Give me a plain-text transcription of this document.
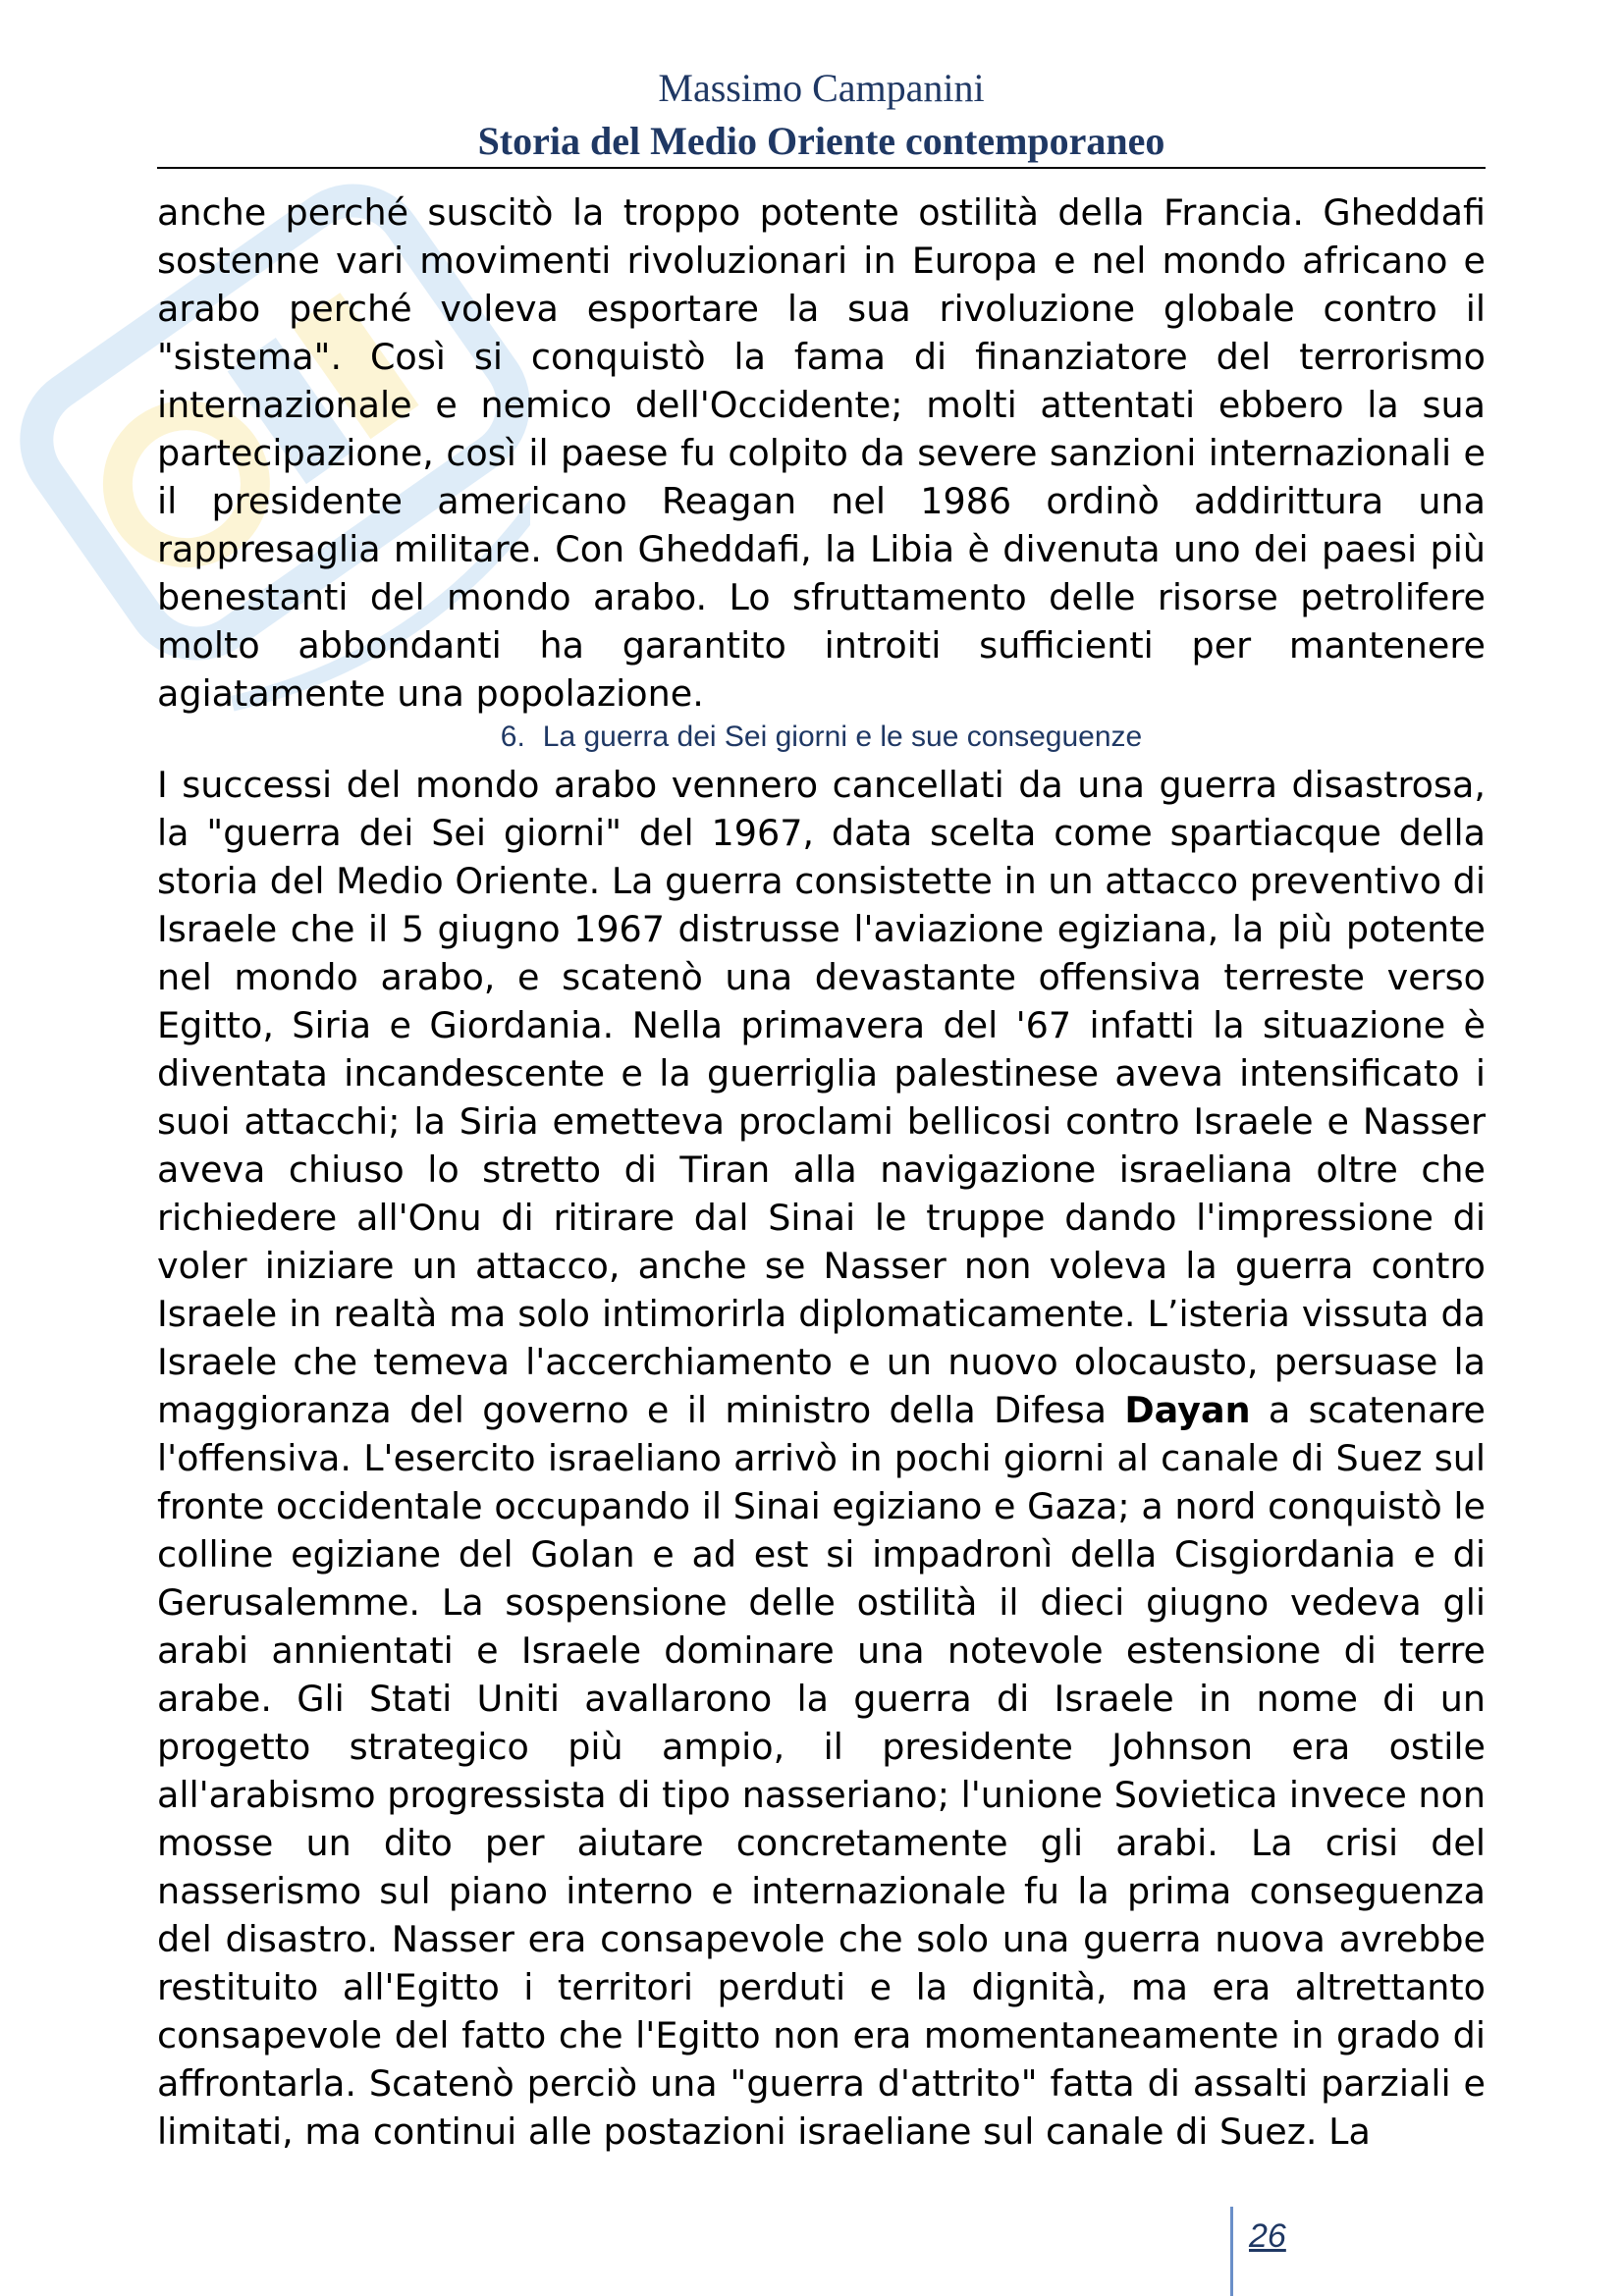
Massimo Campanini
Storia del Medio Oriente contemporaneo

anche perché suscitò la troppo potente ostilità della Francia. Gheddafi sostenne vari movimenti rivoluzionari in Europa e nel mondo africano e arabo perché voleva esportare la sua rivoluzione globale contro il "sistema". Così si conquistò la fama di finanziatore del terrorismo internazionale e nemico dell'Occidente; molti attentati ebbero la sua partecipazione, così il paese fu colpito da severe sanzioni internazionali e il presidente americano Reagan nel 1986 ordinò addirittura una rappresaglia militare. Con Gheddafi, la Libia è divenuta uno dei paesi più benestanti del mondo arabo. Lo sfruttamento delle risorse petrolifere molto abbondanti ha garantito introiti sufficienti per mantenere agiatamente una popolazione.

6. La guerra dei Sei giorni e le sue conseguenze

I successi del mondo arabo vennero cancellati da una guerra disastrosa, la "guerra dei Sei giorni" del 1967, data scelta come spartiacque della storia del Medio Oriente. La guerra consistette in un attacco preventivo di Israele che il 5 giugno 1967 distrusse l'aviazione egiziana, la più potente nel mondo arabo, e scatenò una devastante offensiva terreste verso Egitto, Siria e Giordania. Nella primavera del '67 infatti la situazione è diventata incandescente e la guerriglia palestinese aveva intensificato i suoi attacchi; la Siria emetteva proclami bellicosi contro Israele e Nasser aveva chiuso lo stretto di Tiran alla navigazione israeliana oltre che richiedere all'Onu di ritirare dal Sinai le truppe dando l'impressione di voler iniziare un attacco, anche se Nasser non voleva la guerra contro Israele in realtà ma solo intimorirla diplomaticamente. L’isteria vissuta da Israele che temeva l'accerchiamento e un nuovo olocausto, persuase la maggioranza del governo e il ministro della Difesa Dayan a scatenare l'offensiva. L'esercito israeliano arrivò in pochi giorni al canale di Suez sul fronte occidentale occupando il Sinai egiziano e Gaza; a nord conquistò le colline egiziane del Golan e ad est si impadronì della Cisgiordania e di Gerusalemme. La sospensione delle ostilità il dieci giugno vedeva gli arabi annientati e Israele dominare una notevole estensione di terre arabe. Gli Stati Uniti avallarono la guerra di Israele in nome di un progetto strategico più ampio, il presidente Johnson era ostile all'arabismo progressista di tipo nasseriano; l'unione Sovietica invece non mosse un dito per aiutare concretamente gli arabi. La crisi del nasserismo sul piano interno e internazionale fu la prima conseguenza del disastro. Nasser era consapevole che solo una guerra nuova avrebbe restituito all'Egitto i territori perduti e la dignità, ma era altrettanto consapevole del fatto che l'Egitto non era momentaneamente in grado di affrontarla. Scatenò perciò una "guerra d'attrito" fatta di assalti parziali e limitati, ma continui alle postazioni israeliane sul canale di Suez. La

26
